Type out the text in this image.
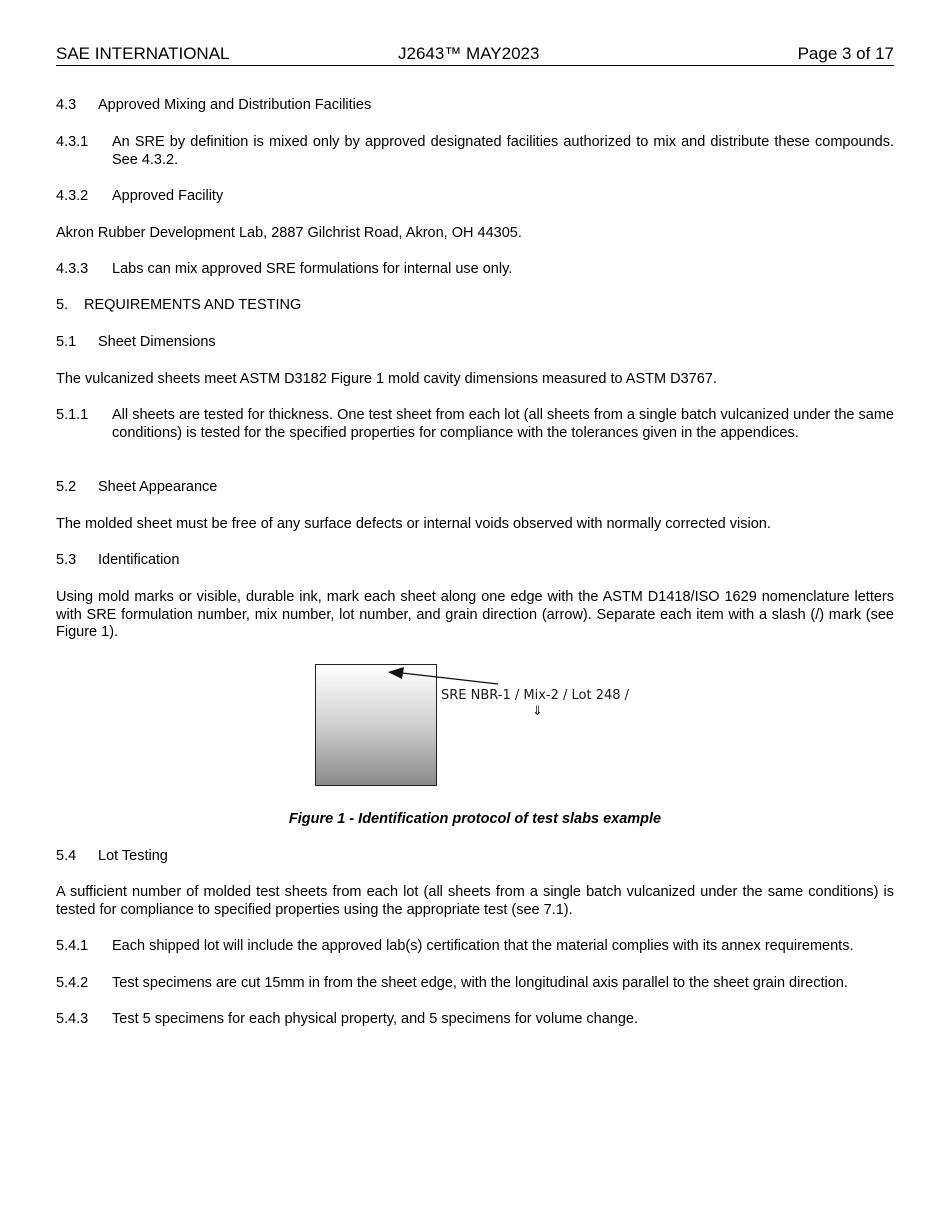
SAE INTERNATIONAL	J2643™ MAY2023	Page 3 of 17
4.3 Approved Mixing and Distribution Facilities
4.3.1 An SRE by definition is mixed only by approved designated facilities authorized to mix and distribute these compounds. See 4.3.2.
4.3.2 Approved Facility
Akron Rubber Development Lab, 2887 Gilchrist Road, Akron, OH 44305.
4.3.3 Labs can mix approved SRE formulations for internal use only.
5. REQUIREMENTS AND TESTING
5.1 Sheet Dimensions
The vulcanized sheets meet ASTM D3182 Figure 1 mold cavity dimensions measured to ASTM D3767.
5.1.1 All sheets are tested for thickness. One test sheet from each lot (all sheets from a single batch vulcanized under the same conditions) is tested for the specified properties for compliance with the tolerances given in the appendices.
5.2 Sheet Appearance
The molded sheet must be free of any surface defects or internal voids observed with normally corrected vision.
5.3 Identification
Using mold marks or visible, durable ink, mark each sheet along one edge with the ASTM D1418/ISO 1629 nomenclature letters with SRE formulation number, mix number, lot number, and grain direction (arrow). Separate each item with a slash (/) mark (see Figure 1).
SRE NBR-1 / Mix-2 / Lot 248 /
⇓
Figure 1 - Identification protocol of test slabs example
5.4 Lot Testing
A sufficient number of molded test sheets from each lot (all sheets from a single batch vulcanized under the same conditions) is tested for compliance to specified properties using the appropriate test (see 7.1).
5.4.1 Each shipped lot will include the approved lab(s) certification that the material complies with its annex requirements.
5.4.2 Test specimens are cut 15mm in from the sheet edge, with the longitudinal axis parallel to the sheet grain direction.
5.4.3 Test 5 specimens for each physical property, and 5 specimens for volume change.
